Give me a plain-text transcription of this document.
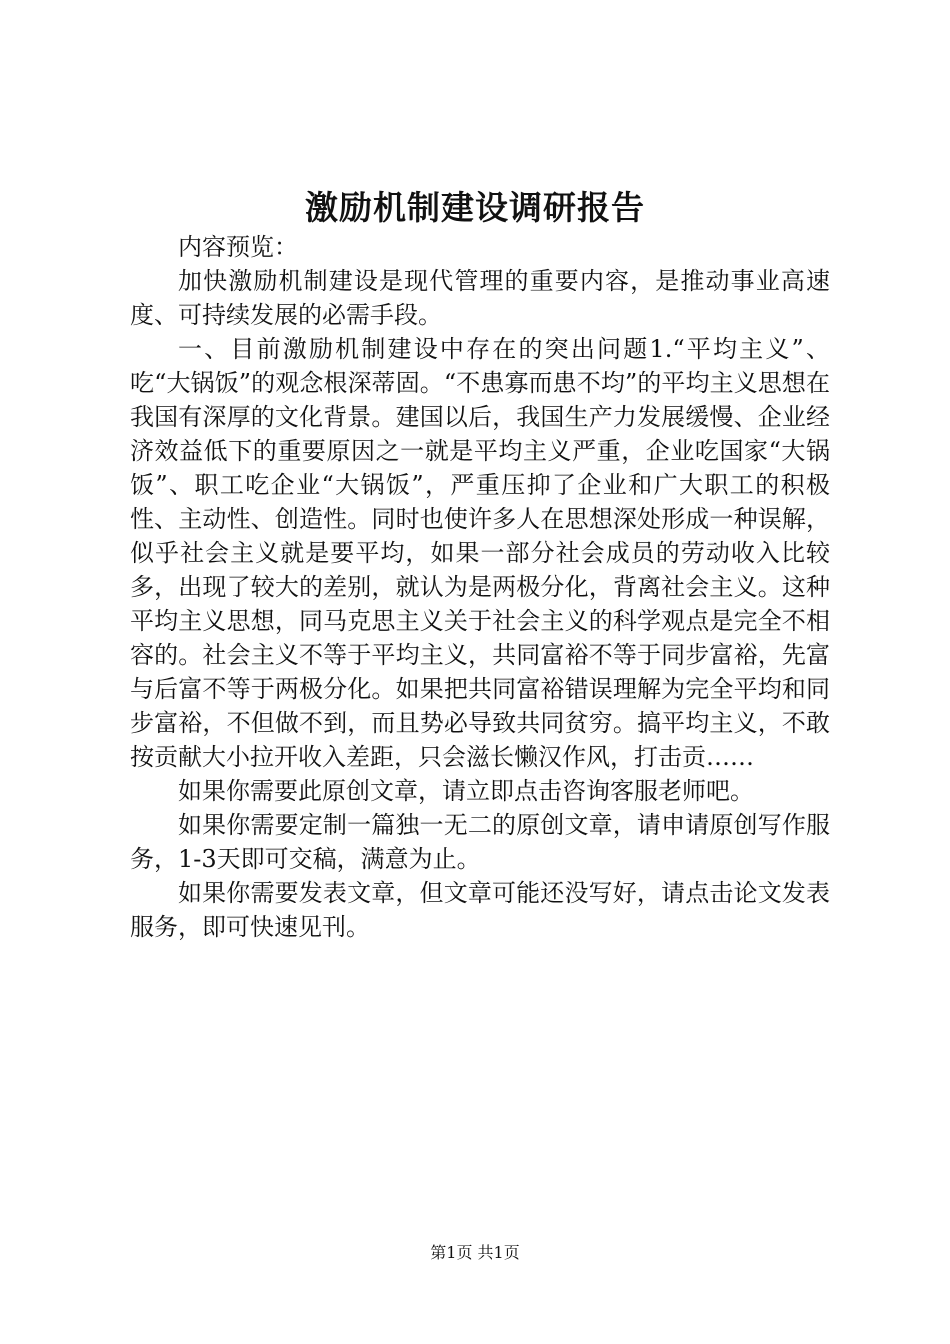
激励机制建设调研报告

内容预览：

加快激励机制建设是现代管理的重要内容，是推动事业高速度、可持续发展的必需手段。

一、目前激励机制建设中存在的突出问题1.“平均主义”、吃“大锅饭”的观念根深蒂固。“不患寡而患不均”的平均主义思想在我国有深厚的文化背景。建国以后，我国生产力发展缓慢、企业经济效益低下的重要原因之一就是平均主义严重，企业吃国家“大锅饭”、职工吃企业“大锅饭”，严重压抑了企业和广大职工的积极性、主动性、创造性。同时也使许多人在思想深处形成一种误解，似乎社会主义就是要平均，如果一部分社会成员的劳动收入比较多，出现了较大的差别，就认为是两极分化，背离社会主义。这种平均主义思想，同马克思主义关于社会主义的科学观点是完全不相容的。社会主义不等于平均主义，共同富裕不等于同步富裕，先富与后富不等于两极分化。如果把共同富裕错误理解为完全平均和同步富裕，不但做不到，而且势必导致共同贫穷。搞平均主义，不敢按贡献大小拉开收入差距，只会滋长懒汉作风，打击贡……

如果你需要此原创文章，请立即点击咨询客服老师吧。

如果你需要定制一篇独一无二的原创文章，请申请原创写作服务，1-3天即可交稿，满意为止。

如果你需要发表文章，但文章可能还没写好，请点击论文发表服务，即可快速见刊。

第1页 共1页
